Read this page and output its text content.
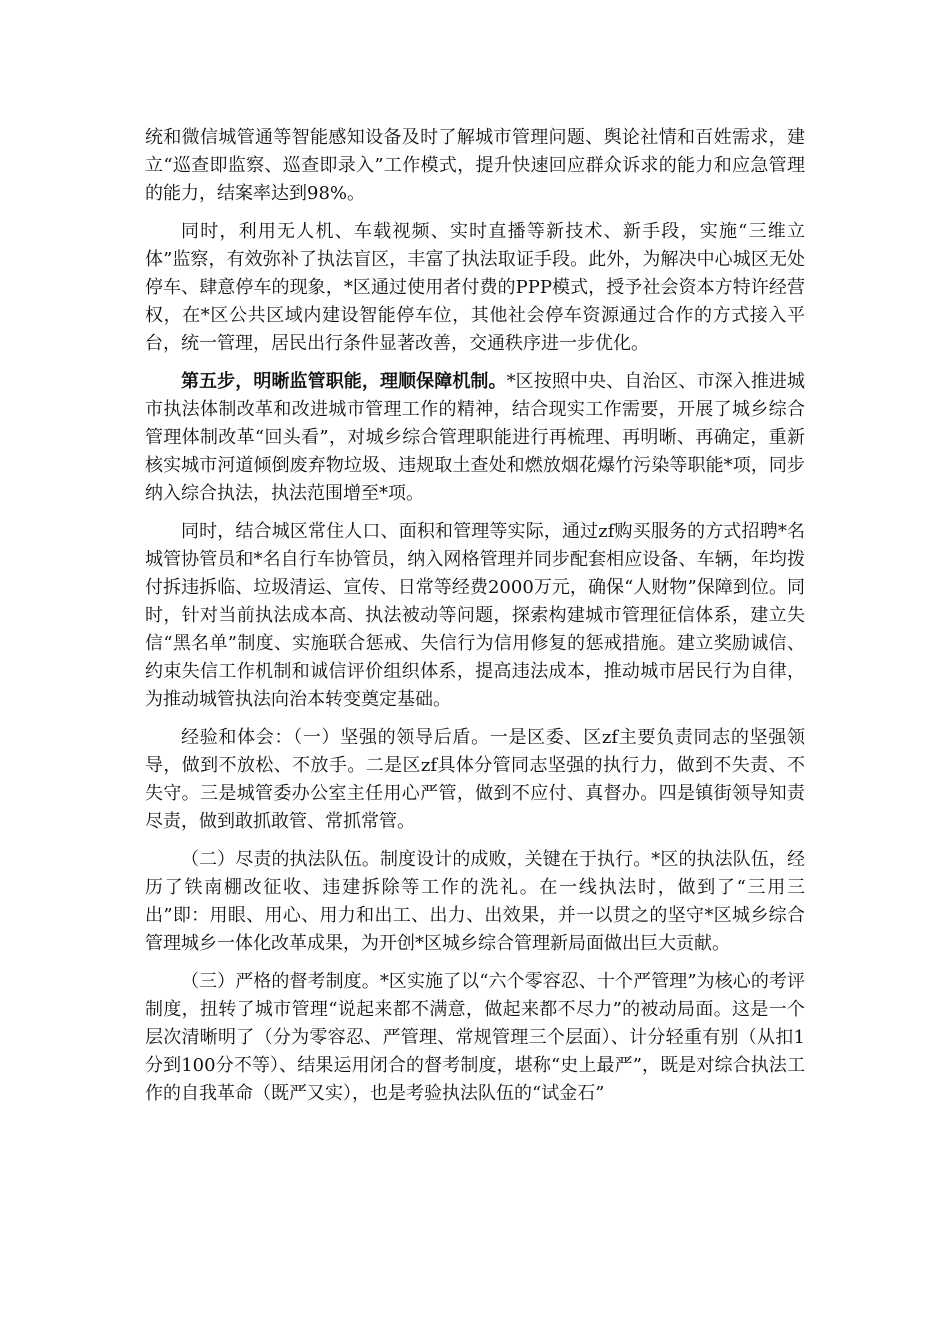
统和微信城管通等智能感知设备及时了解城市管理问题、舆论社情和百姓需求，建立“巡查即监察、巡查即录入”工作模式，提升快速回应群众诉求的能力和应急管理的能力，结案率达到98%。

同时，利用无人机、车载视频、实时直播等新技术、新手段，实施“三维立体”监察，有效弥补了执法盲区，丰富了执法取证手段。此外，为解决中心城区无处停车、肆意停车的现象，*区通过使用者付费的PPP模式，授予社会资本方特许经营权，在*区公共区域内建设智能停车位，其他社会停车资源通过合作的方式接入平台，统一管理，居民出行条件显著改善，交通秩序进一步优化。

第五步，明晰监管职能，理顺保障机制。*区按照中央、自治区、市深入推进城市执法体制改革和改进城市管理工作的精神，结合现实工作需要，开展了城乡综合管理体制改革“回头看”，对城乡综合管理职能进行再梳理、再明晰、再确定，重新核实城市河道倾倒废弃物垃圾、违规取土查处和燃放烟花爆竹污染等职能*项，同步纳入综合执法，执法范围增至*项。

同时，结合城区常住人口、面积和管理等实际，通过zf购买服务的方式招聘*名城管协管员和*名自行车协管员，纳入网格管理并同步配套相应设备、车辆，年均拨付拆违拆临、垃圾清运、宣传、日常等经费2000万元，确保“人财物”保障到位。同时，针对当前执法成本高、执法被动等问题，探索构建城市管理征信体系，建立失信“黑名单”制度、实施联合惩戒、失信行为信用修复的惩戒措施。建立奖励诚信、约束失信工作机制和诚信评价组织体系，提高违法成本，推动城市居民行为自律，为推动城管执法向治本转变奠定基础。

经验和体会：（一）坚强的领导后盾。一是区委、区zf主要负责同志的坚强领导，做到不放松、不放手。二是区zf具体分管同志坚强的执行力，做到不失责、不失守。三是城管委办公室主任用心严管，做到不应付、真督办。四是镇街领导知责尽责，做到敢抓敢管、常抓常管。

（二）尽责的执法队伍。制度设计的成败，关键在于执行。*区的执法队伍，经历了铁南棚改征收、违建拆除等工作的洗礼。在一线执法时，做到了“三用三出”即：用眼、用心、用力和出工、出力、出效果，并一以贯之的坚守*区城乡综合管理城乡一体化改革成果，为开创*区城乡综合管理新局面做出巨大贡献。

（三）严格的督考制度。*区实施了以“六个零容忍、十个严管理”为核心的考评制度，扭转了城市管理“说起来都不满意，做起来都不尽力”的被动局面。这是一个层次清晰明了（分为零容忍、严管理、常规管理三个层面）、计分轻重有别（从扣1分到100分不等）、结果运用闭合的督考制度，堪称“史上最严”，既是对综合执法工作的自我革命（既严又实），也是考验执法队伍的“试金石”
